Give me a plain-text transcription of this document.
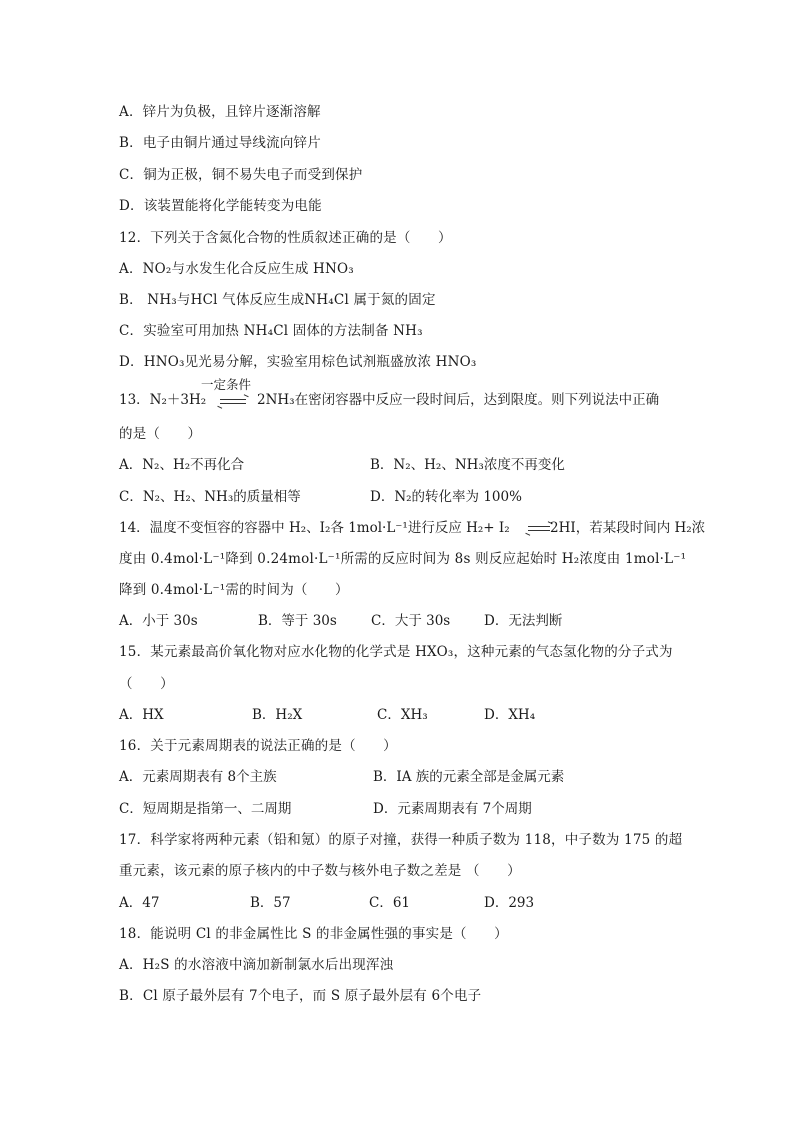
A．锌片为负极，且锌片逐渐溶解
B．电子由铜片通过导线流向锌片
C．铜为正极，铜不易失电子而受到保护
D．该装置能将化学能转变为电能
12．下列关于含氮化合物的性质叙述正确的是（　　）
A．NO₂与水发生化合反应生成 HNO₃
B． NH₃与HCl 气体反应生成NH₄Cl 属于氮的固定
C．实验室可用加热 NH₄Cl 固体的方法制备 NH₃
D．HNO₃见光易分解，实验室用棕色试剂瓶盛放浓 HNO₃
13．N₂＋3H₂
一定条件
2NH₃在密闭容器中反应一段时间后，达到限度。则下列说法中正确
的是（　　）
A．N₂、H₂不再化合	B．N₂、H₂、NH₃浓度不再变化
C．N₂、H₂、NH₃的质量相等	D．N₂的转化率为 100%
14．温度不变恒容的容器中 H₂、I₂各 1mol·L⁻¹进行反应 H₂+ I₂	2HI，若某段时间内 H₂浓
度由 0.4mol·L⁻¹降到 0.24mol·L⁻¹所需的反应时间为 8s 则反应起始时 H₂浓度由 1mol·L⁻¹
降到 0.4mol·L⁻¹需的时间为（　　）
A．小于 30s	B．等于 30s	C．大于 30s	D．无法判断
15．某元素最高价氧化物对应水化物的化学式是 HXO₃，这种元素的气态氢化物的分子式为
（　　）
A．HX	B．H₂X	C．XH₃	D．XH₄
16．关于元素周期表的说法正确的是（　　）
A．元素周期表有 8个主族	B．ⅠA 族的元素全部是金属元素
C．短周期是指第一、二周期	D．元素周期表有 7个周期
17．科学家将两种元素（铅和氪）的原子对撞，获得一种质子数为 118，中子数为 175 的超
重元素，该元素的原子核内的中子数与核外电子数之差是 （　　）
A．47	B．57	C．61	D．293
18．能说明 Cl 的非金属性比 S 的非金属性强的事实是（　　）
A．H₂S 的水溶液中滴加新制氯水后出现浑浊
B．Cl 原子最外层有 7个电子，而 S 原子最外层有 6个电子
